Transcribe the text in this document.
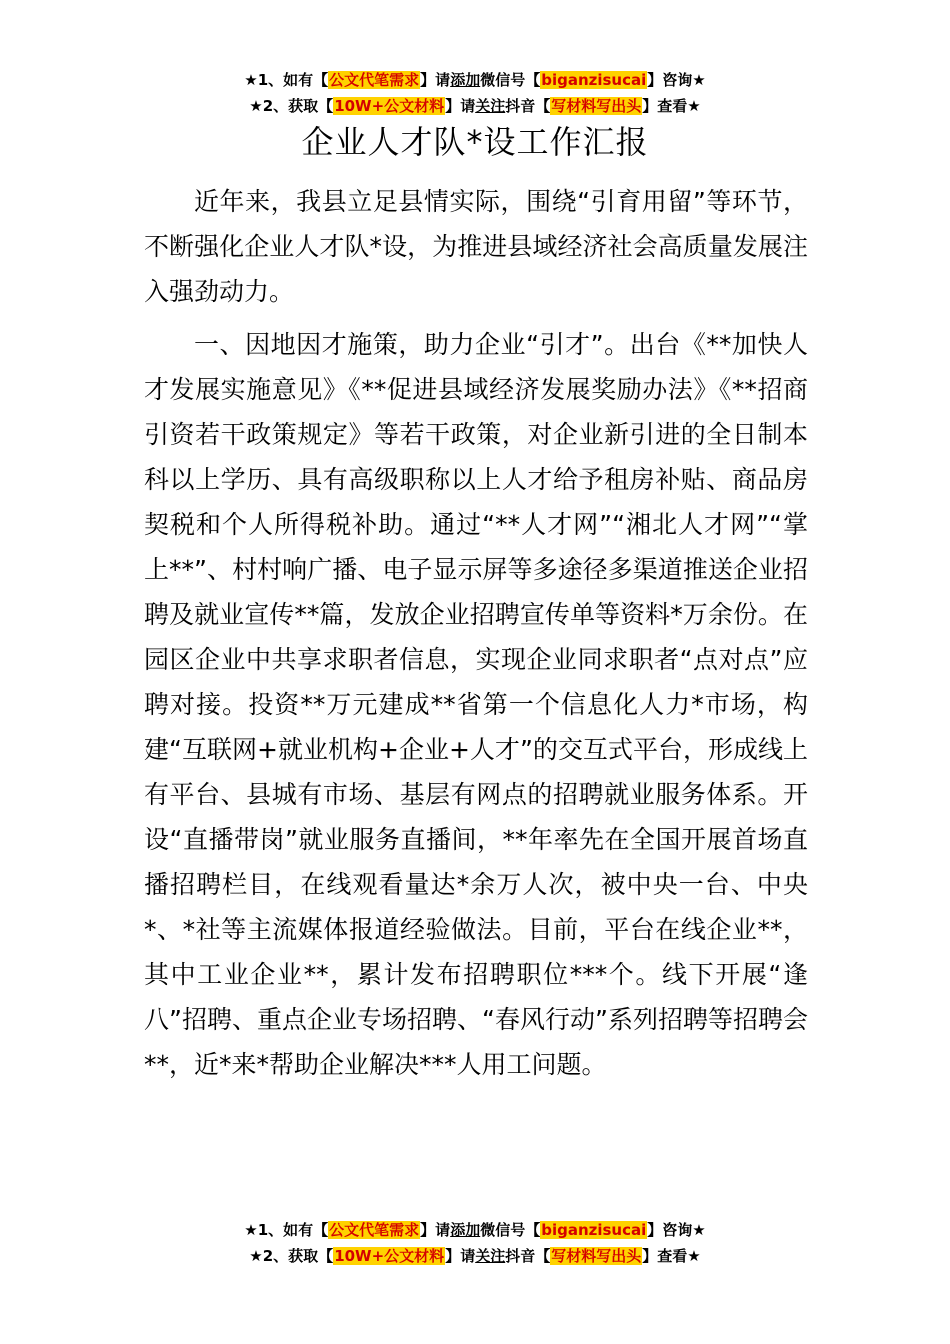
★1、如有【公文代笔需求】请添加微信号【biganzisucai】咨询★
★2、获取【10W+公文材料】请关注抖音【写材料写出头】查看★
企业人才队*设工作汇报

近年来，我县立足县情实际，围绕“引育用留”等环节，不断强化企业人才队*设，为推进县域经济社会高质量发展注入强劲动力。

一、因地因才施策，助力企业“引才”。出台《**加快人才发展实施意见》《**促进县域经济发展奖励办法》《**招商引资若干政策规定》等若干政策，对企业新引进的全日制本科以上学历、具有高级职称以上人才给予租房补贴、商品房契税和个人所得税补助。通过“**人才网”“湘北人才网”“掌上**”、村村响广播、电子显示屏等多途径多渠道推送企业招聘及就业宣传**篇，发放企业招聘宣传单等资料*万余份。在园区企业中共享求职者信息，实现企业同求职者“点对点”应聘对接。投资**万元建成**省第一个信息化人力*市场，构建“互联网+就业机构+企业+人才”的交互式平台，形成线上有平台、县城有市场、基层有网点的招聘就业服务体系。开设“直播带岗”就业服务直播间，**年率先在全国开展首场直播招聘栏目，在线观看量达*余万人次，被中央一台、中央*、*社等主流媒体报道经验做法。目前，平台在线企业**，其中工业企业**，累计发布招聘职位***个。线下开展“逢八”招聘、重点企业专场招聘、“春风行动”系列招聘等招聘会**，近*来*帮助企业解决***人用工问题。

★1、如有【公文代笔需求】请添加微信号【biganzisucai】咨询★
★2、获取【10W+公文材料】请关注抖音【写材料写出头】查看★
